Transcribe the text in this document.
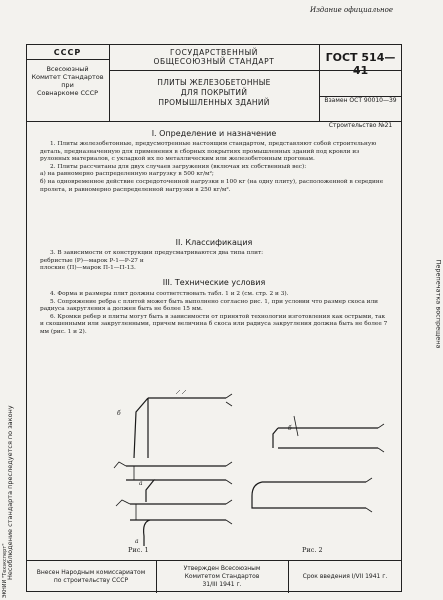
Издание официальное
Несоблюдение стандарта преследуется по закону
Перепечатка воспрещена
ЭКНИИ "Техэксперт"
СССР
Всесоюзный
Комитет Стандартов
при
Совнаркоме СССР
ГОСУДАРСТВЕННЫЙ
ОБЩЕСОЮЗНЫЙ СТАНДАРТ
ПЛИТЫ ЖЕЛЕЗОБЕТОННЫЕ
ДЛЯ ПОКРЫТИЙ
ПРОМЫШЛЕННЫХ ЗДАНИЙ
ГОСТ 514—41
Взамен ОСТ 90010—39
Строительство №21
I. Определение и назначение

1. Плиты железобетонные, предусмотренные настоящим стандартом, представляют собой строительную деталь, предназначенную для применения в сборных покрытиях промышленных зданий под кровли из рулонных материалов, с укладкой их по металлическим или железобетонным прогонам.

2. Плиты рассчитаны для двух случаев загружения (включая их собственный вес):

а) на равномерно распределенную нагрузку в 500 кг/м²;

б) на одновременное действие сосредоточенной нагрузки в 100 кг (на одну плиту), расположенной в середине пролета, и равномерно распределенной нагрузки в 250 кг/м².

II. Классификация

3. В зависимости от конструкции предусматриваются два типа плит:

ребристые (Р)—марок Р-1—Р-27 и

плоские (П)—марок П-1—П-13.

III. Технические условия

4. Форма и размеры плит должны соответствовать табл. 1 и 2 (см. стр. 2 и 3).

5. Сопряжение ребра с плитой может быть выполнено согласно рис. 1, при условии что размер скоса или радиуса закругления а должен быть не более 15 мм.

6. Кромки ребер и плиты могут быть в зависимости от принятой технологии изготовления как острыми, так и скошенными или закругленными, причем величина б скоса или радиуса закругления должна быть не более 7 мм (рис. 1 и 2).

б
а
а
б
Рис. 1	Рис. 2
Внесен Народным комиссариатом
по строительству СССР
Утвержден Всесоюзным
Комитетом Стандартов
31/III 1941 г.
Срок введения I/VII 1941 г.
